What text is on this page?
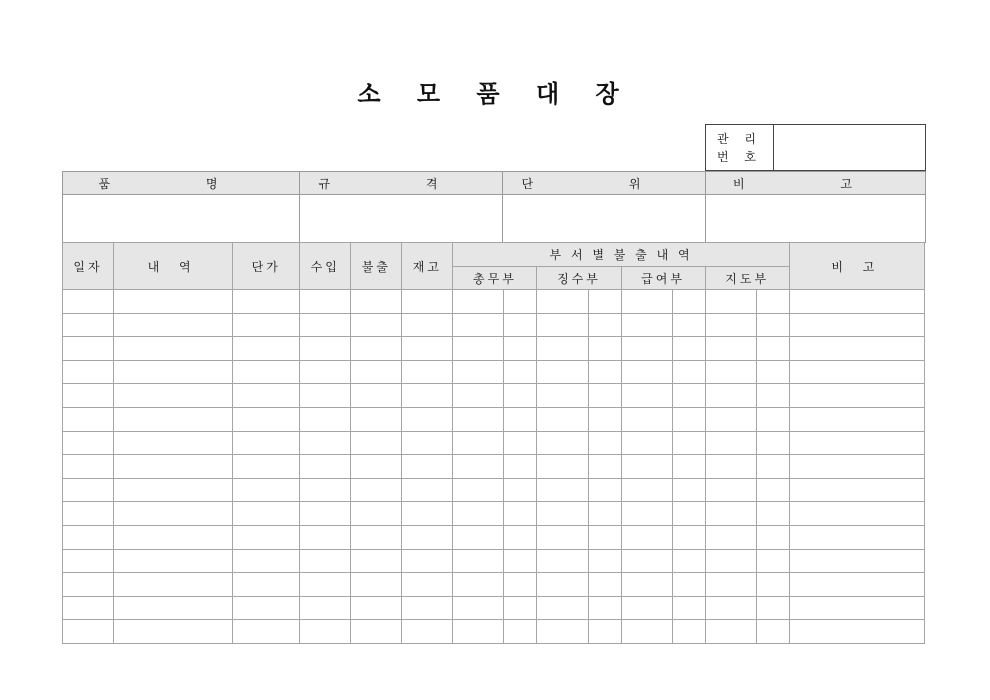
소 모 품 대 장
관 리
번 호

품 명	규 격	단 위	비 고

일자	내 역	단가	수입	불출	재고	부 서 별 불 출 내 역								비 고
						총무부		징수부		급여부		지도부		
